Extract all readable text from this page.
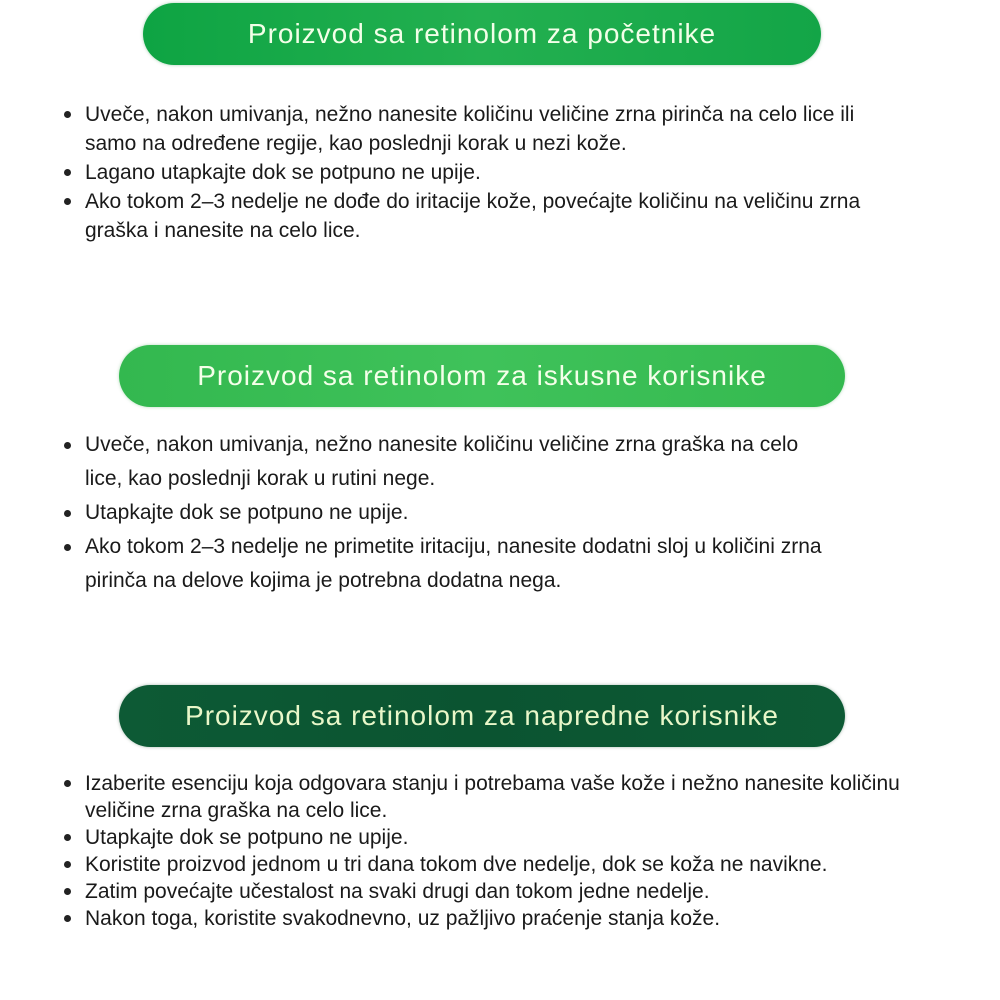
Proizvod sa retinolom za početnike
Uveče, nakon umivanja, nežno nanesite količinu veličine zrna pirinča na celo lice ili samo na određene regije, kao poslednji korak u nezi kože.
Lagano utapkajte dok se potpuno ne upije.
Ako tokom 2–3 nedelje ne dođe do iritacije kože, povećajte količinu na veličinu zrna graška i nanesite na celo lice.
Proizvod sa retinolom za iskusne korisnike
Uveče, nakon umivanja, nežno nanesite količinu veličine zrna graška na celo lice, kao poslednji korak u rutini nege.
Utapkajte dok se potpuno ne upije.
Ako tokom 2–3 nedelje ne primetite iritaciju, nanesite dodatni sloj u količini zrna pirinča na delove kojima je potrebna dodatna nega.
Proizvod sa retinolom za napredne korisnike
Izaberite esenciju koja odgovara stanju i potrebama vaše kože i nežno nanesite količinu veličine zrna graška na celo lice.
Utapkajte dok se potpuno ne upije.
Koristite proizvod jednom u tri dana tokom dve nedelje, dok se koža ne navikne.
Zatim povećajte učestalost na svaki drugi dan tokom jedne nedelje.
Nakon toga, koristite svakodnevno, uz pažljivo praćenje stanja kože.
